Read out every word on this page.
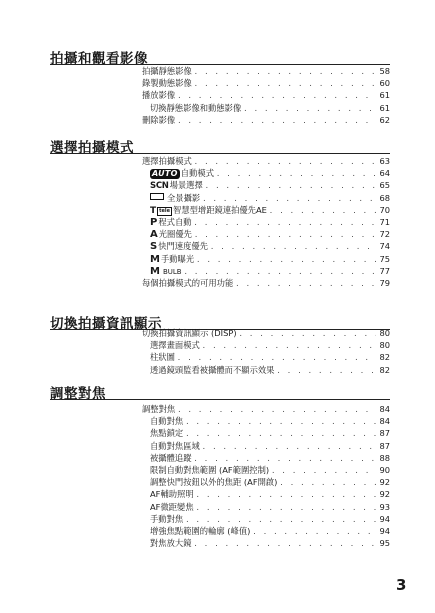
拍攝和觀看影像
拍攝靜態影像 . . .	58
錄製動態影像 . . .	60
播放影像 . . .	61
切換靜態影像和動態影像 . . .	61
刪除影像 . . .	62
選擇拍攝模式
選擇拍攝模式 . . .	63
AUTO 自動模式 . . .	64
SCN 場景選擇 . . .	65
全景攝影 . . .	68
T tele 智慧型增距鏡連拍優先AE . . .	70
P 程式自動 . . .	71
A 光圈優先 . . .	72
S 快門速度優先 . . .	74
M 手動曝光 . . .	75
M BULB . . .	77
每個拍攝模式的可用功能 . . .	79
切換拍攝資訊顯示
切換拍攝資訊顯示 (DISP) . . .	80
選擇畫面模式 . . .	80
柱狀圖 . . .	82
透過鏡頭監看被攝體而不顯示效果 . . .	82
調整對焦
調整對焦 . . .	84
自動對焦 . . .	84
焦點鎖定 . . .	87
自動對焦區域 . . .	87
被攝體追蹤 . . .	88
限制自動對焦範圍 (AF範圍控制) . . .	90
調整快門按鈕以外的焦距 (AF開啟) . . .	92
AF輔助照明 . . .	92
AF微距變焦 . . .	93
手動對焦 . . .	94
增強焦點範圍的輪廓 (峰值) . . .	94
對焦放大鏡 . . .	95
3
